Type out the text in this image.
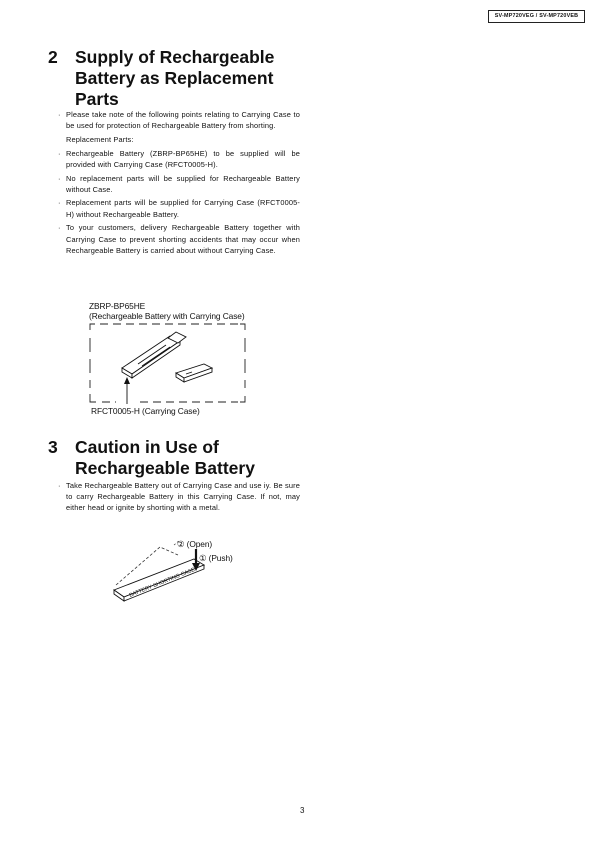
SV-MP720VEG / SV-MP720VEB
2 Supply of Rechargeable
Battery as Replacement
Parts
· Please take note of the following points relating to Carrying Case to be used for protection of Rechargeable Battery from shorting.
Replacement Parts:
· Rechargeable Battery (ZBRP-BP65HE) to be supplied will be provided with Carrying Case (RFCT0005-H).
· No replacement parts will be supplied for Rechargeable Battery without Case.
· Replacement parts will be supplied for Carrying Case (RFCT0005-H) without Rechargeable Battery.
· To your customers, delivery Rechargeable Battery together with Carrying Case to prevent shorting accidents that may occur when Rechargeable Battery is carried about without Carrying Case.
ZBRP-BP65HE
(Rechargeable Battery with Carrying Case)
RFCT0005-H (Carrying Case)
3 Caution in Use of
Rechargeable Battery
· Take Rechargeable Battery out of Carrying Case and use iy. Be sure to carry Rechargeable Battery in this Carrying Case. If not, may either head or ignite by shorting with a metal.
BATTERY SHORTING CASE
② (Open)
① (Push)
3
